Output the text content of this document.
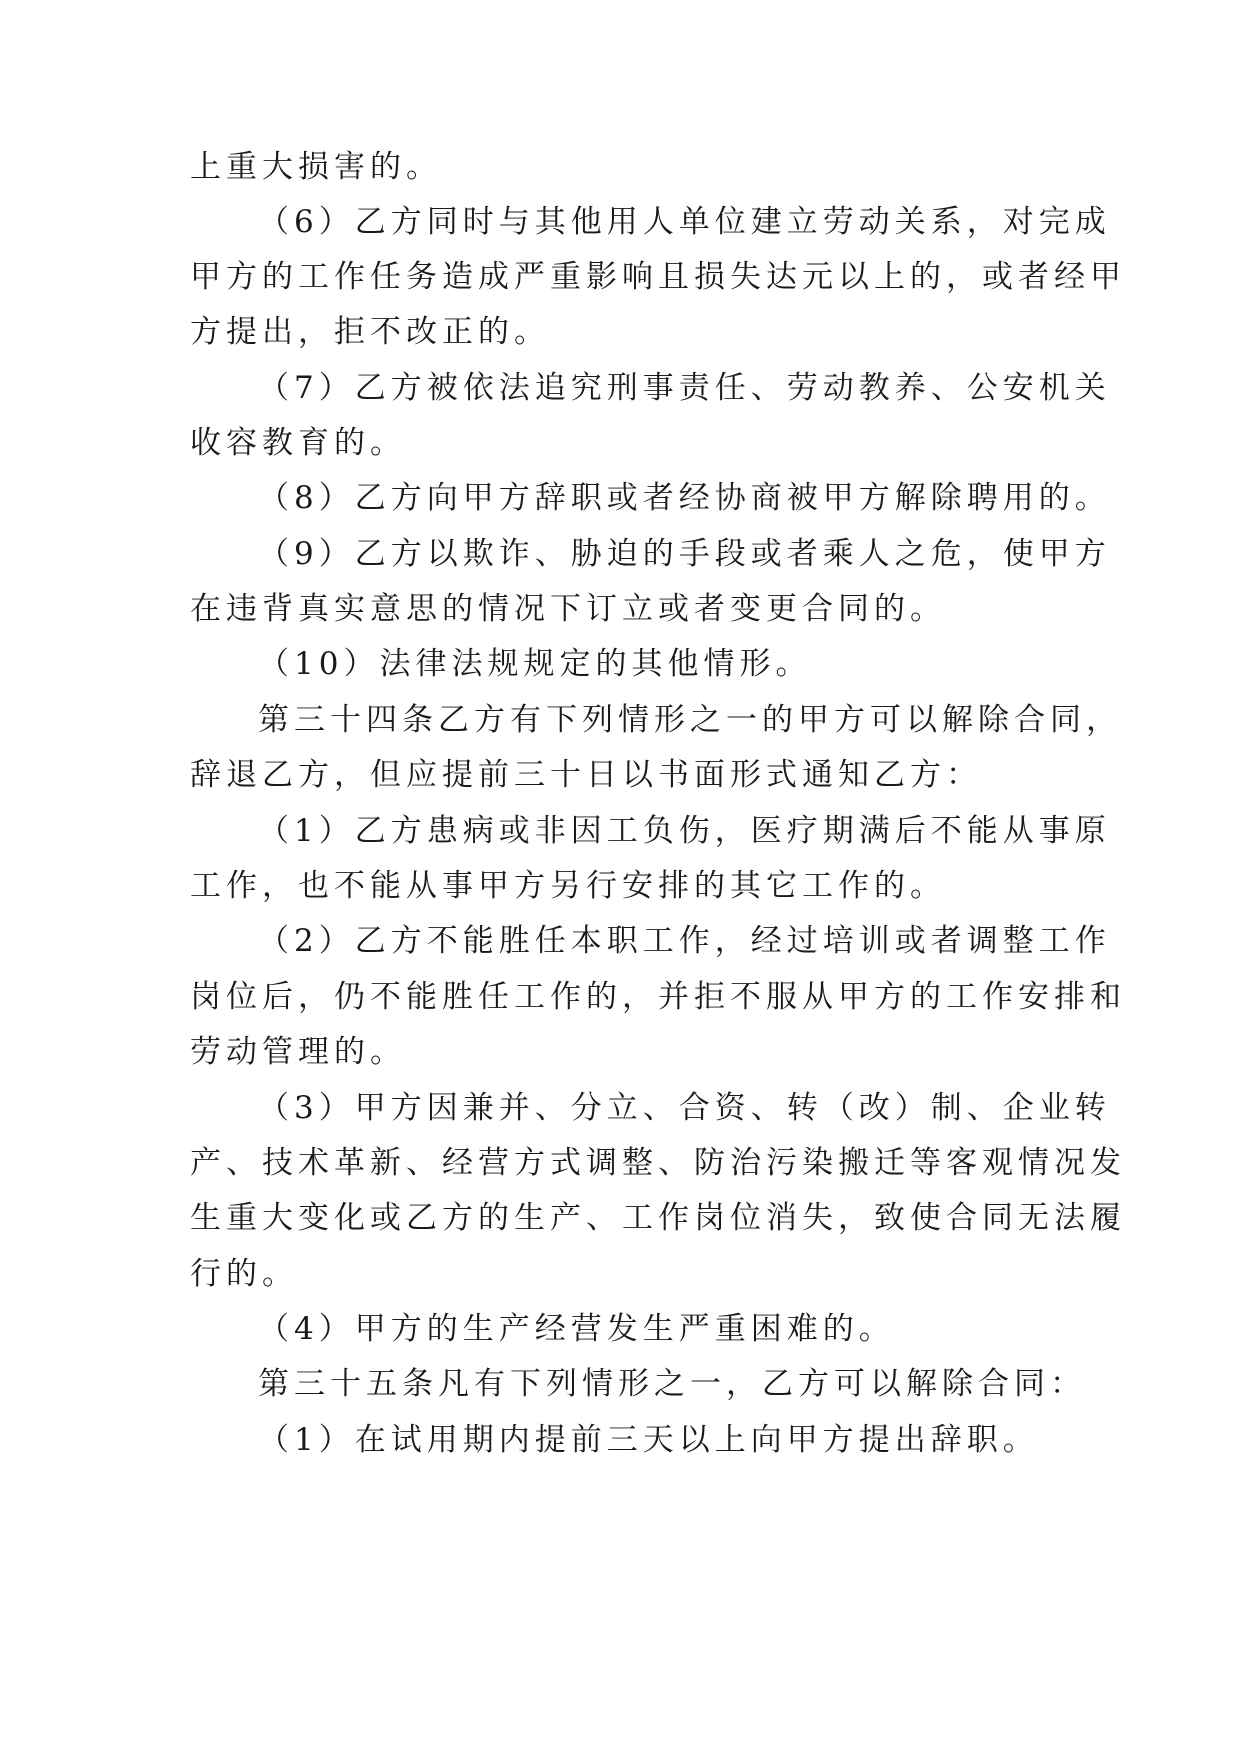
上重大损害的。
（6）乙方同时与其他用人单位建立劳动关系，对完成
甲方的工作任务造成严重影响且损失达元以上的，或者经甲
方提出，拒不改正的。
（7）乙方被依法追究刑事责任、劳动教养、公安机关
收容教育的。
（8）乙方向甲方辞职或者经协商被甲方解除聘用的。
（9）乙方以欺诈、胁迫的手段或者乘人之危，使甲方
在违背真实意思的情况下订立或者变更合同的。
（10）法律法规规定的其他情形。
第三十四条乙方有下列情形之一的甲方可以解除合同，
辞退乙方，但应提前三十日以书面形式通知乙方：
（1）乙方患病或非因工负伤，医疗期满后不能从事原
工作，也不能从事甲方另行安排的其它工作的。
（2）乙方不能胜任本职工作，经过培训或者调整工作
岗位后，仍不能胜任工作的，并拒不服从甲方的工作安排和
劳动管理的。
（3）甲方因兼并、分立、合资、转（改）制、企业转
产、技术革新、经营方式调整、防治污染搬迁等客观情况发
生重大变化或乙方的生产、工作岗位消失，致使合同无法履
行的。
（4）甲方的生产经营发生严重困难的。
第三十五条凡有下列情形之一，乙方可以解除合同：
（1）在试用期内提前三天以上向甲方提出辞职。
